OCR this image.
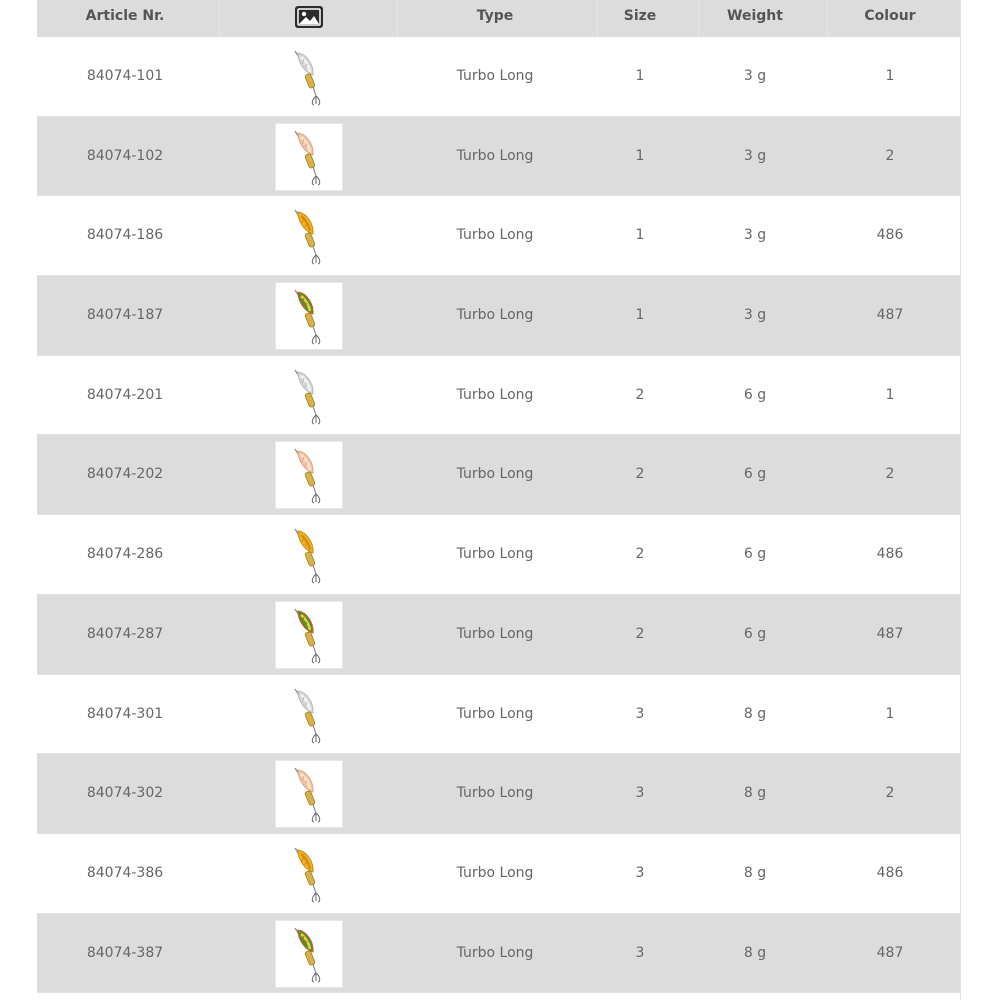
Article Nr.	Type	Size	Weight	Colour
84074-101	Turbo Long	1	3 g	1
84074-102	Turbo Long	1	3 g	2
84074-186	Turbo Long	1	3 g	486
84074-187	Turbo Long	1	3 g	487
84074-201	Turbo Long	2	6 g	1
84074-202	Turbo Long	2	6 g	2
84074-286	Turbo Long	2	6 g	486
84074-287	Turbo Long	2	6 g	487
84074-301	Turbo Long	3	8 g	1
84074-302	Turbo Long	3	8 g	2
84074-386	Turbo Long	3	8 g	486
84074-387	Turbo Long	3	8 g	487
